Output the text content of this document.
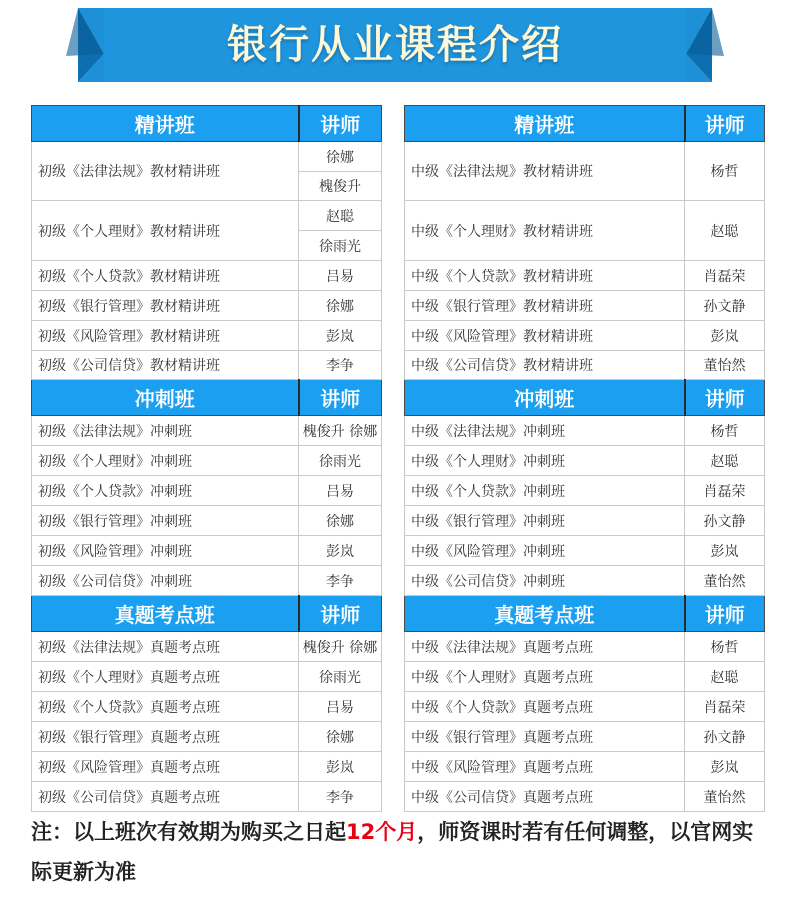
银行从业课程介绍
精讲班	讲师
初级《法律法规》教材精讲班	徐娜
	槐俊升
初级《个人理财》教材精讲班	赵聪
	徐雨光
初级《个人贷款》教材精讲班	吕易
初级《银行管理》教材精讲班	徐娜
初级《风险管理》教材精讲班	彭岚
初级《公司信贷》教材精讲班	李争
冲刺班	讲师
初级《法律法规》冲刺班	槐俊升 徐娜
初级《个人理财》冲刺班	徐雨光
初级《个人贷款》冲刺班	吕易
初级《银行管理》冲刺班	徐娜
初级《风险管理》冲刺班	彭岚
初级《公司信贷》冲刺班	李争
真题考点班	讲师
初级《法律法规》真题考点班	槐俊升 徐娜
初级《个人理财》真题考点班	徐雨光
初级《个人贷款》真题考点班	吕易
初级《银行管理》真题考点班	徐娜
初级《风险管理》真题考点班	彭岚
初级《公司信贷》真题考点班	李争
精讲班	讲师
中级《法律法规》教材精讲班	杨哲
中级《个人理财》教材精讲班	赵聪
中级《个人贷款》教材精讲班	肖磊荣
中级《银行管理》教材精讲班	孙文静
中级《风险管理》教材精讲班	彭岚
中级《公司信贷》教材精讲班	董怡然
冲刺班	讲师
中级《法律法规》冲刺班	杨哲
中级《个人理财》冲刺班	赵聪
中级《个人贷款》冲刺班	肖磊荣
中级《银行管理》冲刺班	孙文静
中级《风险管理》冲刺班	彭岚
中级《公司信贷》冲刺班	董怡然
真题考点班	讲师
中级《法律法规》真题考点班	杨哲
中级《个人理财》真题考点班	赵聪
中级《个人贷款》真题考点班	肖磊荣
中级《银行管理》真题考点班	孙文静
中级《风险管理》真题考点班	彭岚
中级《公司信贷》真题考点班	董怡然
注：以上班次有效期为购买之日起12个月，师资课时若有任何调整，以官网实际更新为准
